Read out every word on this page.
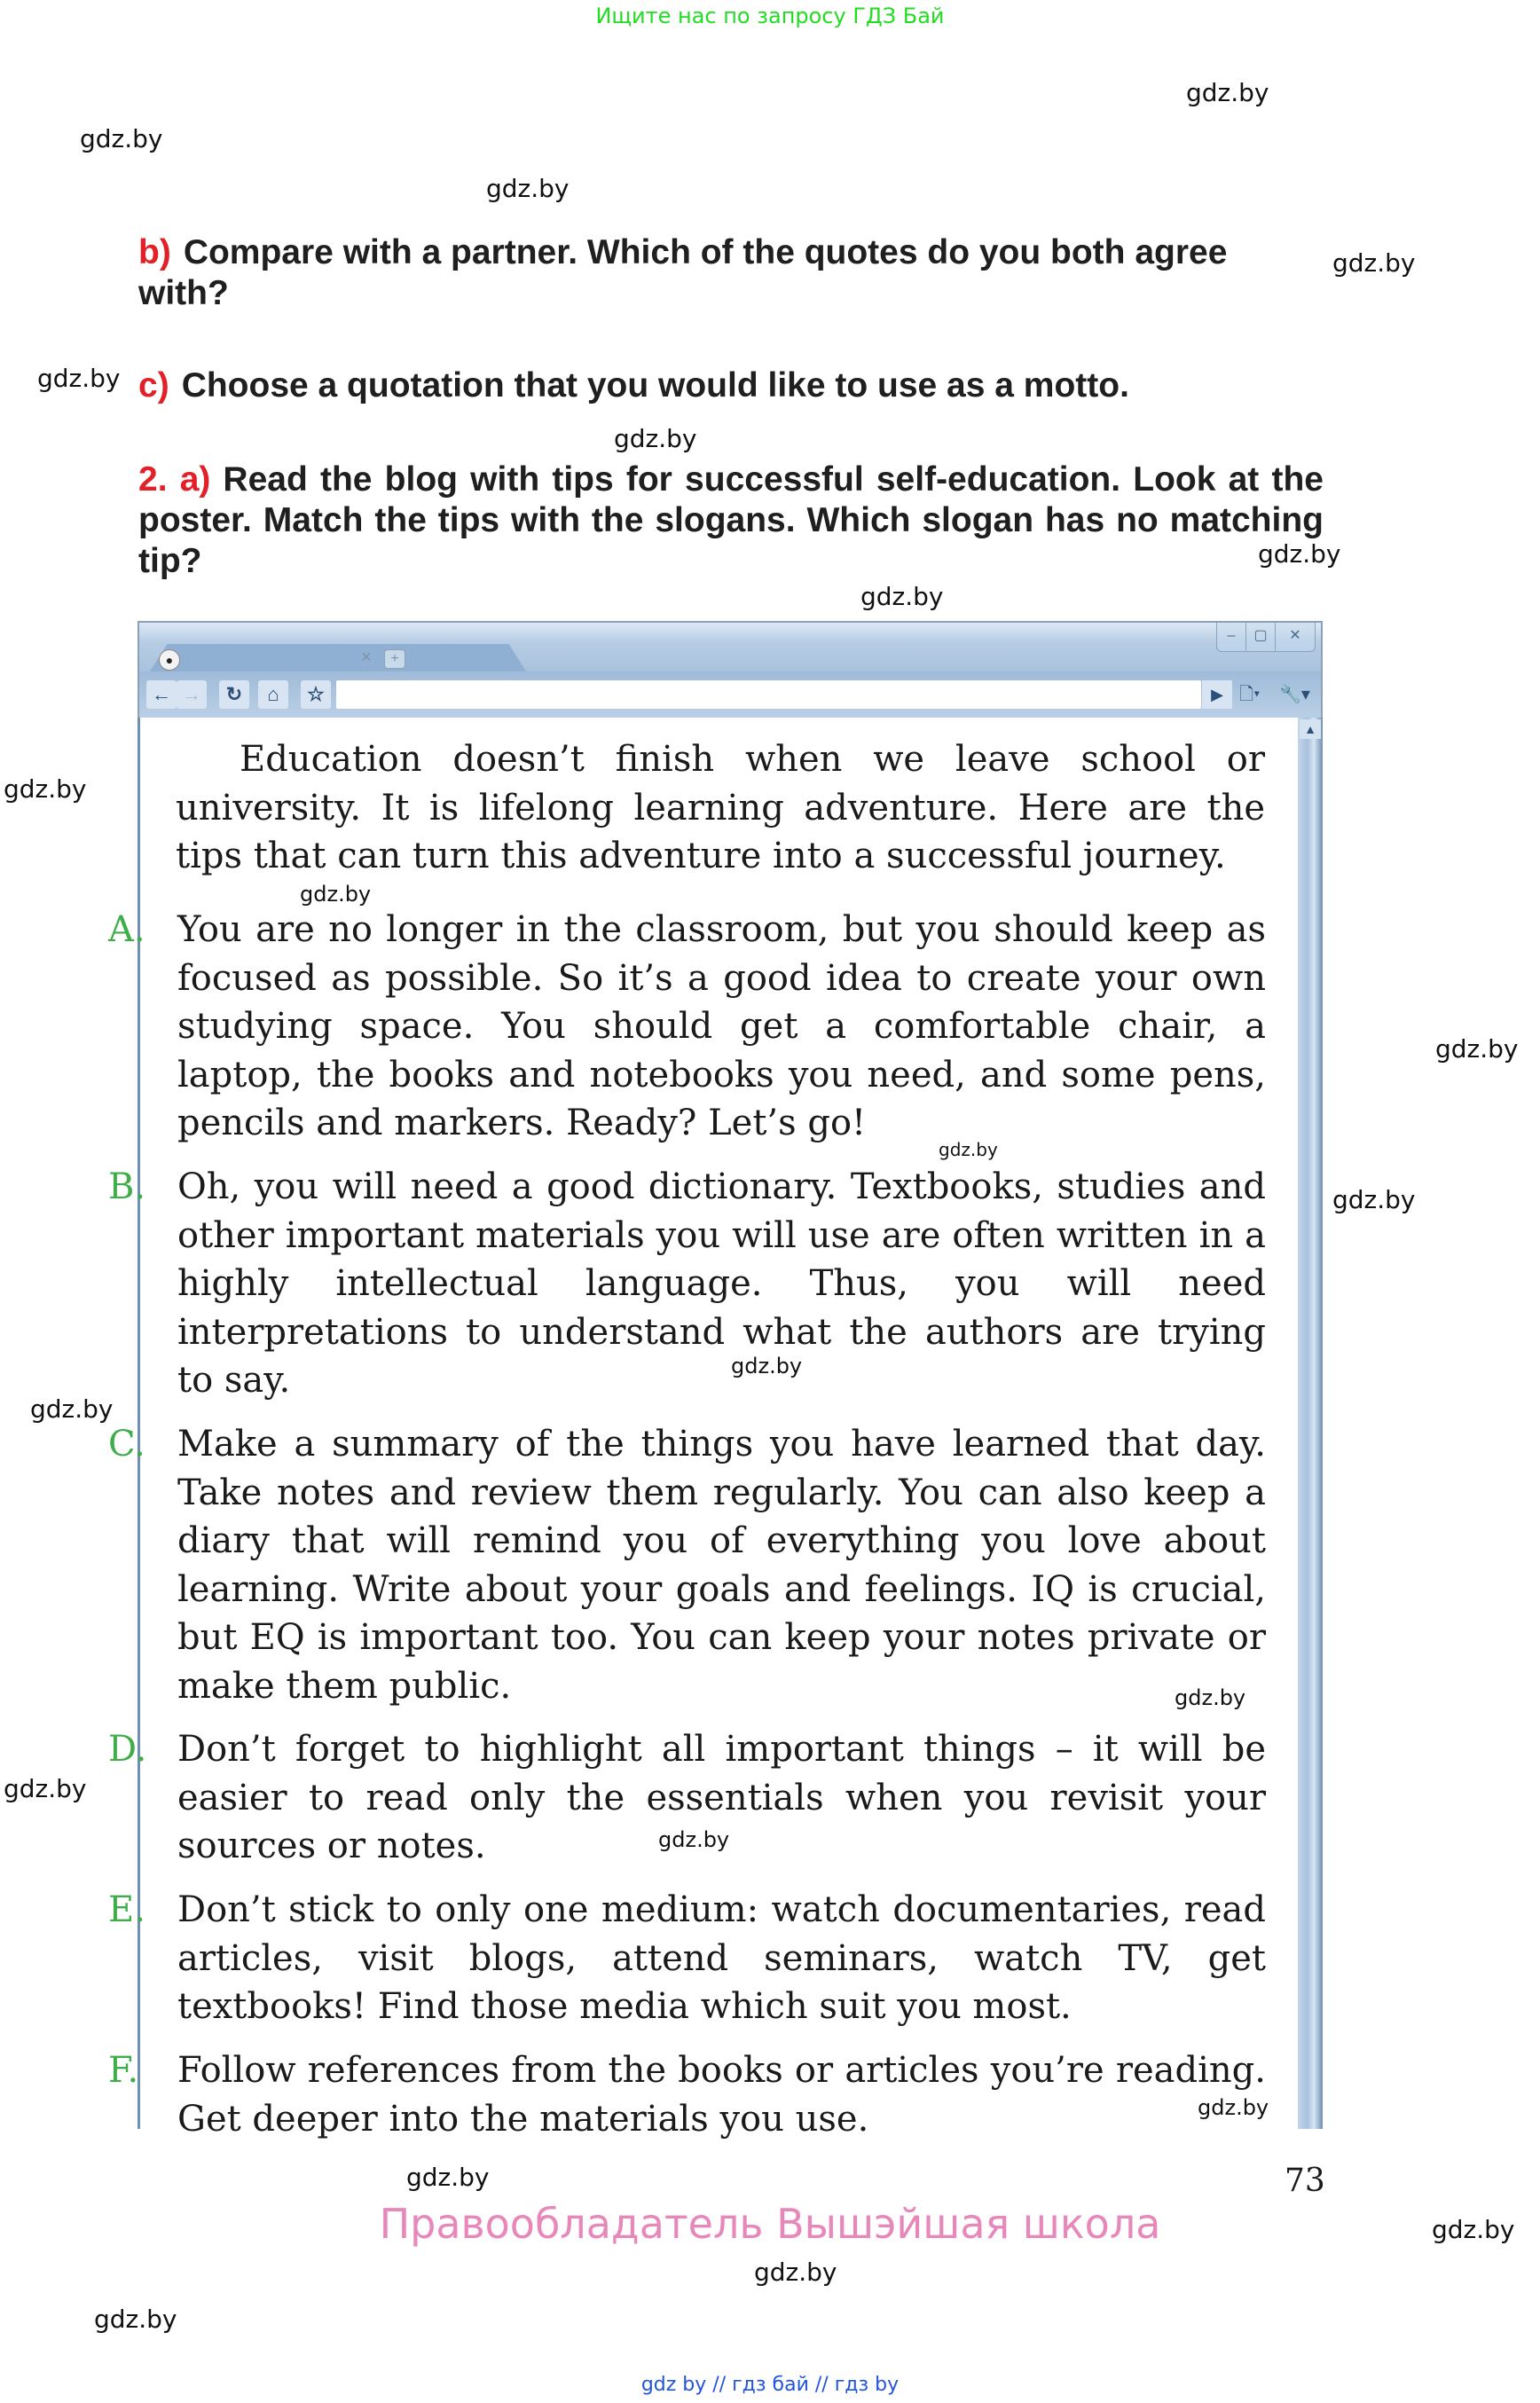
Ищите нас по запросу ГДЗ Бай
gdz.by
gdz.by
gdz.by
gdz.by
gdz.by
gdz.by
gdz.by
gdz.by
gdz.by
gdz.by
gdz.by
gdz.by
gdz.by
gdz.by
gdz.by
gdz.by
gdz.by
b) Compare with a partner. Which of the quotes do you both agree with?
c) Choose a quotation that you would like to use as a motto.
2. a) Read the blog with tips for successful self-education. Look at the poster. Match the tips with the slogans. Which slogan has no matching tip?
●	×	+
–	▢	✕
← →	↻	⌂	☆	▶ 🗋▾ 🔧▾
▲
Education doesn’t finish when we leave school or university. It is lifelong learning adventure. Here are the tips that can turn this adventure into a successful journey.
A. You are no longer in the classroom, but you should keep as focused as possible. So it’s a good idea to create your own studying space. You should get a comfortable chair, a laptop, the books and notebooks you need, and some pens, pencils and markers. Ready? Let’s go!
B. Oh, you will need a good dictionary. Textbooks, studies and other important materials you will use are often written in a highly intellectual language. Thus, you will need interpretations to understand what the authors are trying to say.
C. Make a summary of the things you have learned that day. Take notes and review them regularly. You can also keep a diary that will remind you of everything you love about learning. Write about your goals and feelings. IQ is crucial, but EQ is important too. You can keep your notes private or make them public.
D. Don’t forget to highlight all important things – it will be easier to read only the essentials when you revisit your sources or notes.
E. Don’t stick to only one medium: watch documentaries, read articles, visit blogs, attend seminars, watch TV, get textbooks! Find those media which suit you most.
F. Follow references from the books or articles you’re reading. Get deeper into the materials you use.
gdz.by
gdz.by
gdz.by
gdz.by
gdz.by
gdz.by
73
Правообладатель Вышэйшая школа
gdz by // гдз бай // гдз by
